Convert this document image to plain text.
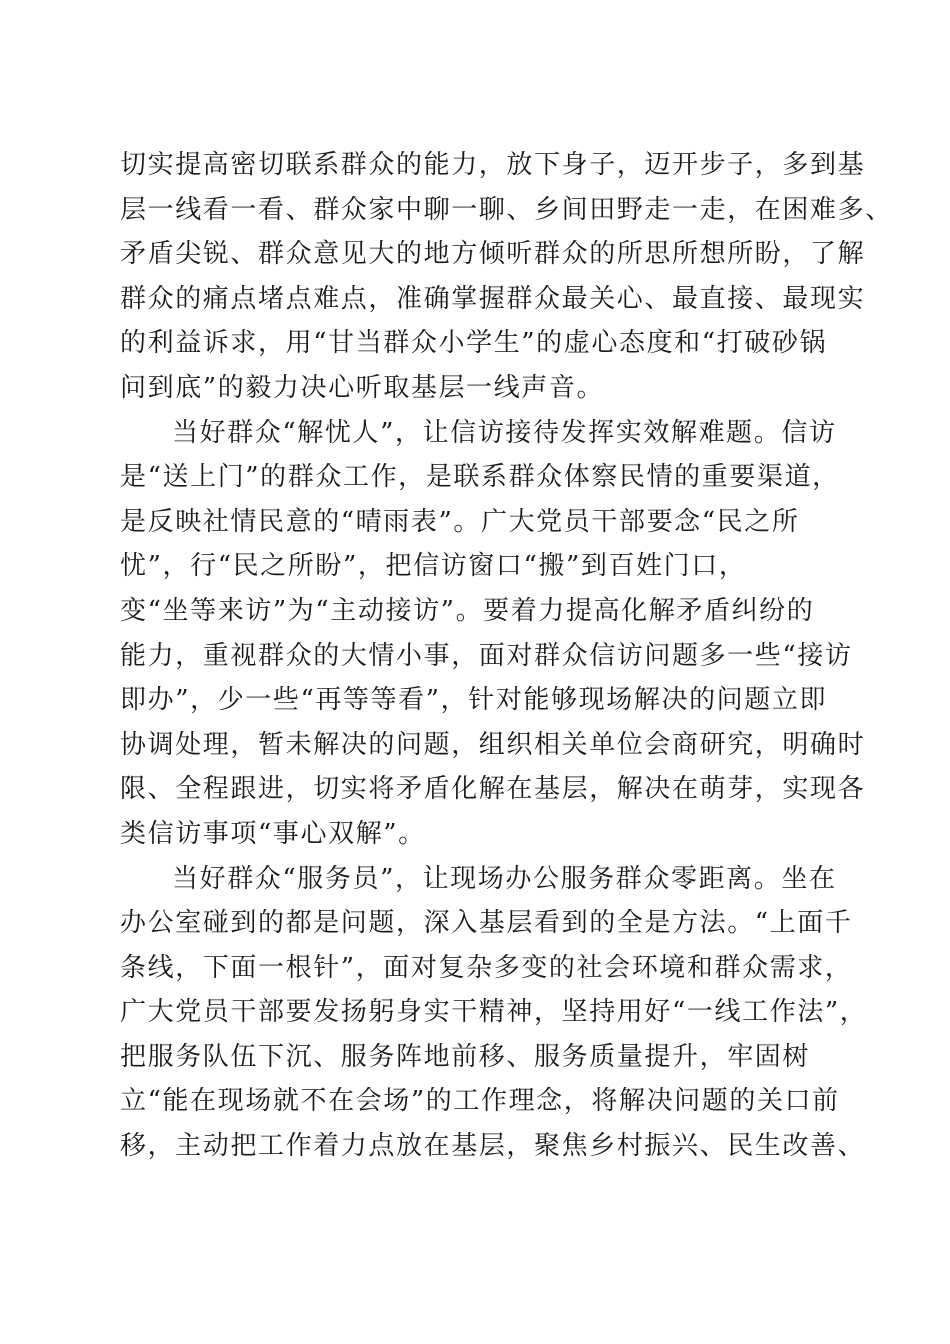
切实提高密切联系群众的能力，放下身子，迈开步子，多到基
层一线看一看、群众家中聊一聊、乡间田野走一走，在困难多、
矛盾尖锐、群众意见大的地方倾听群众的所思所想所盼，了解
群众的痛点堵点难点，准确掌握群众最关心、最直接、最现实
的利益诉求，用“甘当群众小学生”的虚心态度和“打破砂锅
问到底”的毅力决心听取基层一线声音。
当好群众“解忧人”，让信访接待发挥实效解难题。信访
是“送上门”的群众工作，是联系群众体察民情的重要渠道，
是反映社情民意的“晴雨表”。广大党员干部要念“民之所
忧”，行“民之所盼”，把信访窗口“搬”到百姓门口，
变“坐等来访”为“主动接访”。要着力提高化解矛盾纠纷的
能力，重视群众的大情小事，面对群众信访问题多一些“接访
即办”，少一些“再等等看”，针对能够现场解决的问题立即
协调处理，暂未解决的问题，组织相关单位会商研究，明确时
限、全程跟进，切实将矛盾化解在基层，解决在萌芽，实现各
类信访事项“事心双解”。
当好群众“服务员”，让现场办公服务群众零距离。坐在
办公室碰到的都是问题，深入基层看到的全是方法。“上面千
条线，下面一根针”，面对复杂多变的社会环境和群众需求，
广大党员干部要发扬躬身实干精神，坚持用好“一线工作法”，
把服务队伍下沉、服务阵地前移、服务质量提升，牢固树
立“能在现场就不在会场”的工作理念，将解决问题的关口前
移，主动把工作着力点放在基层，聚焦乡村振兴、民生改善、
